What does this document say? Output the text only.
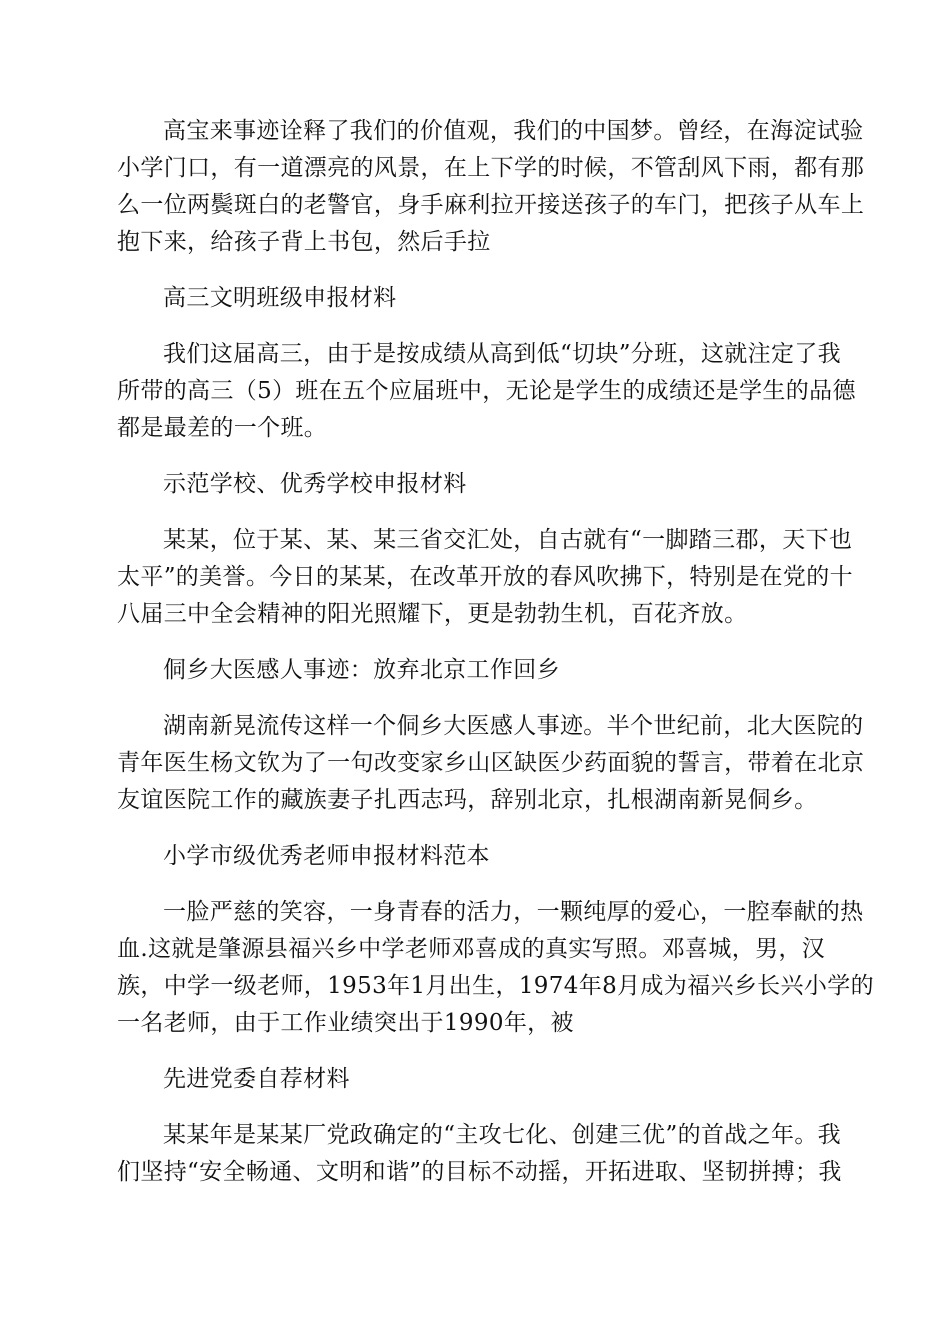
高宝来事迹诠释了我们的价值观，我们的中国梦。曾经，在海淀试验
小学门口，有一道漂亮的风景，在上下学的时候，不管刮风下雨，都有那
么一位两鬓斑白的老警官，身手麻利拉开接送孩子的车门，把孩子从车上
抱下来，给孩子背上书包，然后手拉
高三文明班级申报材料
我们这届高三，由于是按成绩从高到低“切块”分班，这就注定了我
所带的高三（5）班在五个应届班中，无论是学生的成绩还是学生的品德
都是最差的一个班。
示范学校、优秀学校申报材料
某某，位于某、某、某三省交汇处，自古就有“一脚踏三郡，天下也
太平”的美誉。今日的某某，在改革开放的春风吹拂下，特别是在党的十
八届三中全会精神的阳光照耀下，更是勃勃生机，百花齐放。
侗乡大医感人事迹：放弃北京工作回乡
湖南新晃流传这样一个侗乡大医感人事迹。半个世纪前，北大医院的
青年医生杨文钦为了一句改变家乡山区缺医少药面貌的誓言，带着在北京
友谊医院工作的藏族妻子扎西志玛，辞别北京，扎根湖南新晃侗乡。
小学市级优秀老师申报材料范本
一脸严慈的笑容，一身青春的活力，一颗纯厚的爱心，一腔奉献的热
血.这就是肇源县福兴乡中学老师邓喜成的真实写照。邓喜城，男，汉
族，中学一级老师，1953年1月出生，1974年8月成为福兴乡长兴小学的
一名老师，由于工作业绩突出于1990年，被
先进党委自荐材料
某某年是某某厂党政确定的“主攻七化、创建三优”的首战之年。我
们坚持“安全畅通、文明和谐”的目标不动摇，开拓进取、坚韧拼搏；我
